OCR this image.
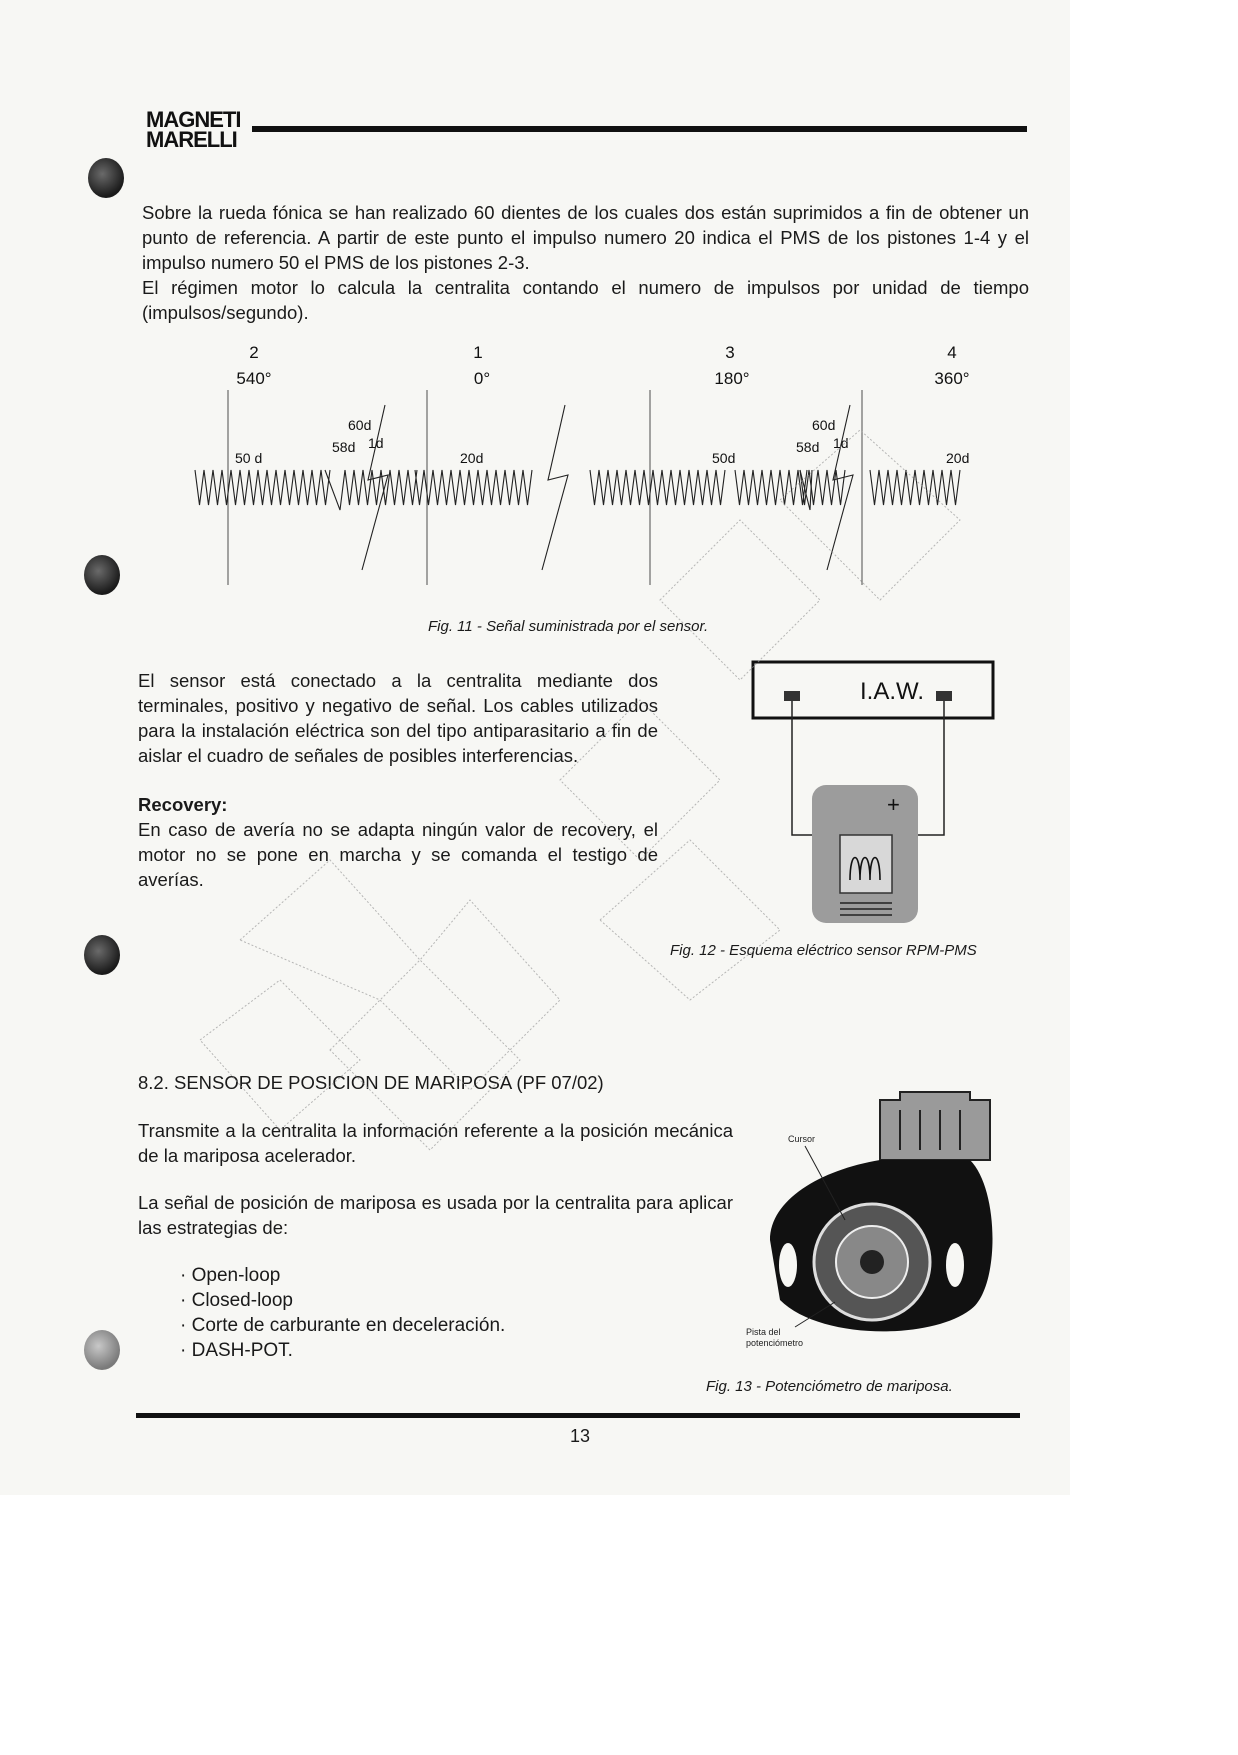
MAGNETI
MARELLI

Sobre la rueda fónica se han realizado 60 dientes de los cuales dos están suprimidos a fin de obtener un punto de referencia. A partir de este punto el impulso numero 20 indica el PMS de los pistones 1-4 y el impulso numero 50 el PMS de los pistones 2-3.

El régimen motor lo calcula la centralita contando el numero de impulsos por unidad de tiempo (impulsos/segundo).

2
540°
1
0°
3
180°
4
360°
50 d
60d
58d 1d
20d	50d
60d
58d 1d
20d
Fig. 11 - Señal suministrada por el sensor.

El sensor está conectado a la centralita mediante dos terminales, positivo y negativo de señal. Los cables utilizados para la instalación eléctrica son del tipo antiparasitario a fin de aislar el cuadro de señales de posibles interferencias.

Recovery:

En caso de avería no se adapta ningún valor de recovery, el motor no se pone en marcha y se comanda el testigo de averías.

I.A.W.
+
Fig. 12 - Esquema eléctrico sensor RPM-PMS
8.2. SENSOR DE POSICION DE MARIPOSA (PF 07/02)

Transmite a la centralita la información referente a la posición mecánica de la mariposa acelerador.

La señal de posición de mariposa es usada por la centralita para aplicar las estrategias de:

· Open-loop
· Closed-loop
· Corte de carburante en deceleración.
· DASH-POT.
Cursor
Pista del
potenciómetro
Fig. 13 - Potenciómetro de mariposa.
13
